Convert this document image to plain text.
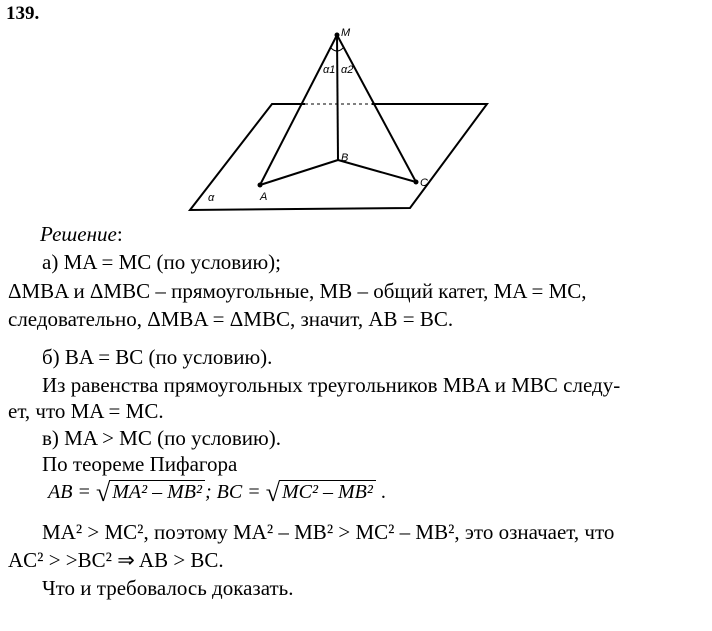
139.
M
B
A
C
α
α1 α2
Решение:
а) MA = MC (по условию);
ΔMBA и ΔMBC – прямоугольные, MB – общий катет, MA = MC,
следовательно, ΔMBA = ΔMBC, значит, AB = BC.
б) BA = BC (по условию).
Из равенства прямоугольных треугольников MBA и MBC следу-
ет, что MA = MC.
в) MA > MC (по условию).
По теореме Пифагора
AB = √ MA² – MB² ; BC = √ MC² – MB² .
MA² > MC², поэтому MA² – MB² > MC² – MB², это означает, что
AC² > >BC² ⇒ AB > BC.
Что и требовалось доказать.
